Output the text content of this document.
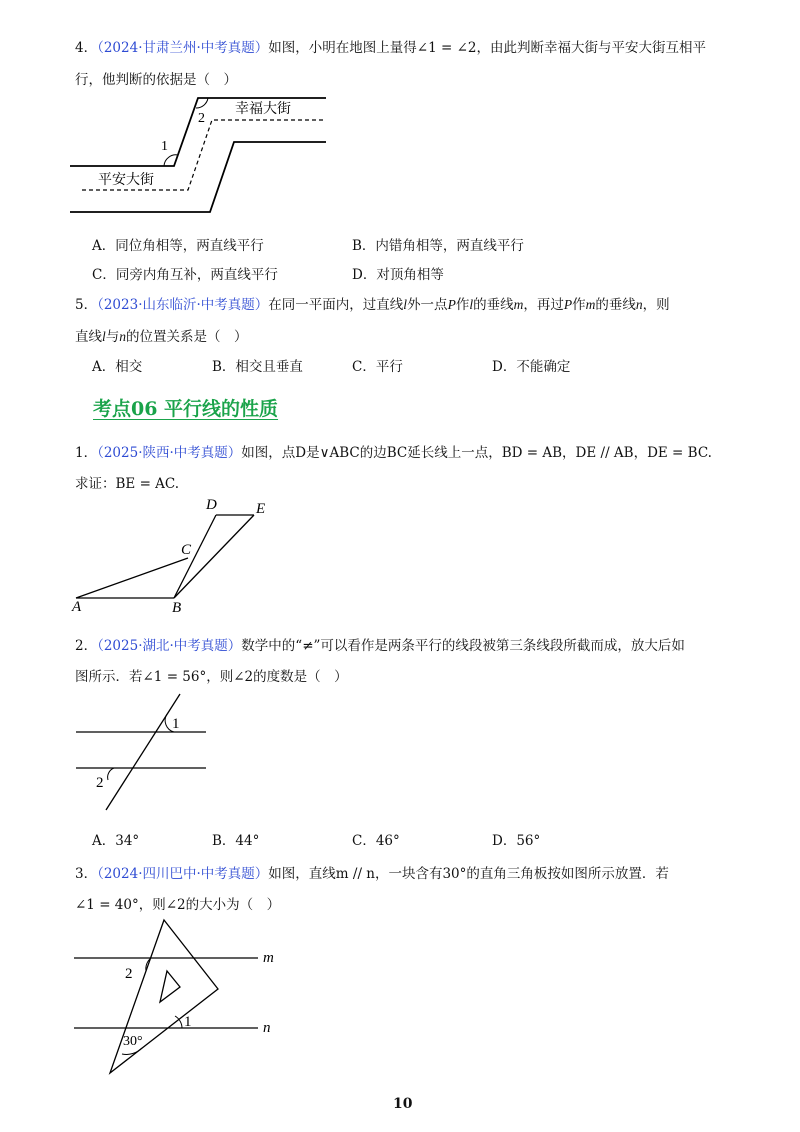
4．（2024·甘肃兰州·中考真题）如图，小明在地图上量得∠1 = ∠2，由此判断幸福大街与平安大街互相平
行，他判断的依据是（　）
1
2
幸福大街
平安大街
A．同位角相等，两直线平行	B．内错角相等，两直线平行
C．同旁内角互补，两直线平行	D．对顶角相等
5．（2023·山东临沂·中考真题）在同一平面内，过直线l外一点P作l的垂线m，再过P作m的垂线n，则
直线l与n的位置关系是（　）
A．相交	B．相交且垂直	C．平行	D．不能确定
考点06 平行线的性质
1．（2025·陕西·中考真题）如图，点D是∨ABC的边BC延长线上一点，BD = AB，DE // AB，DE = BC.
求证：BE = AC.
A	B
C
D	E
2．（2025·湖北·中考真题）数学中的“≠”可以看作是两条平行的线段被第三条线段所截而成，放大后如
图所示．若∠1 = 56°，则∠2的度数是（　）
1
2
A．34°	B．44°	C．46°	D．56°
3．（2024·四川巴中·中考真题）如图，直线m // n，一块含有30°的直角三角板按如图所示放置．若
∠1 = 40°，则∠2的大小为（　）
m
n
2
1
30°
10
